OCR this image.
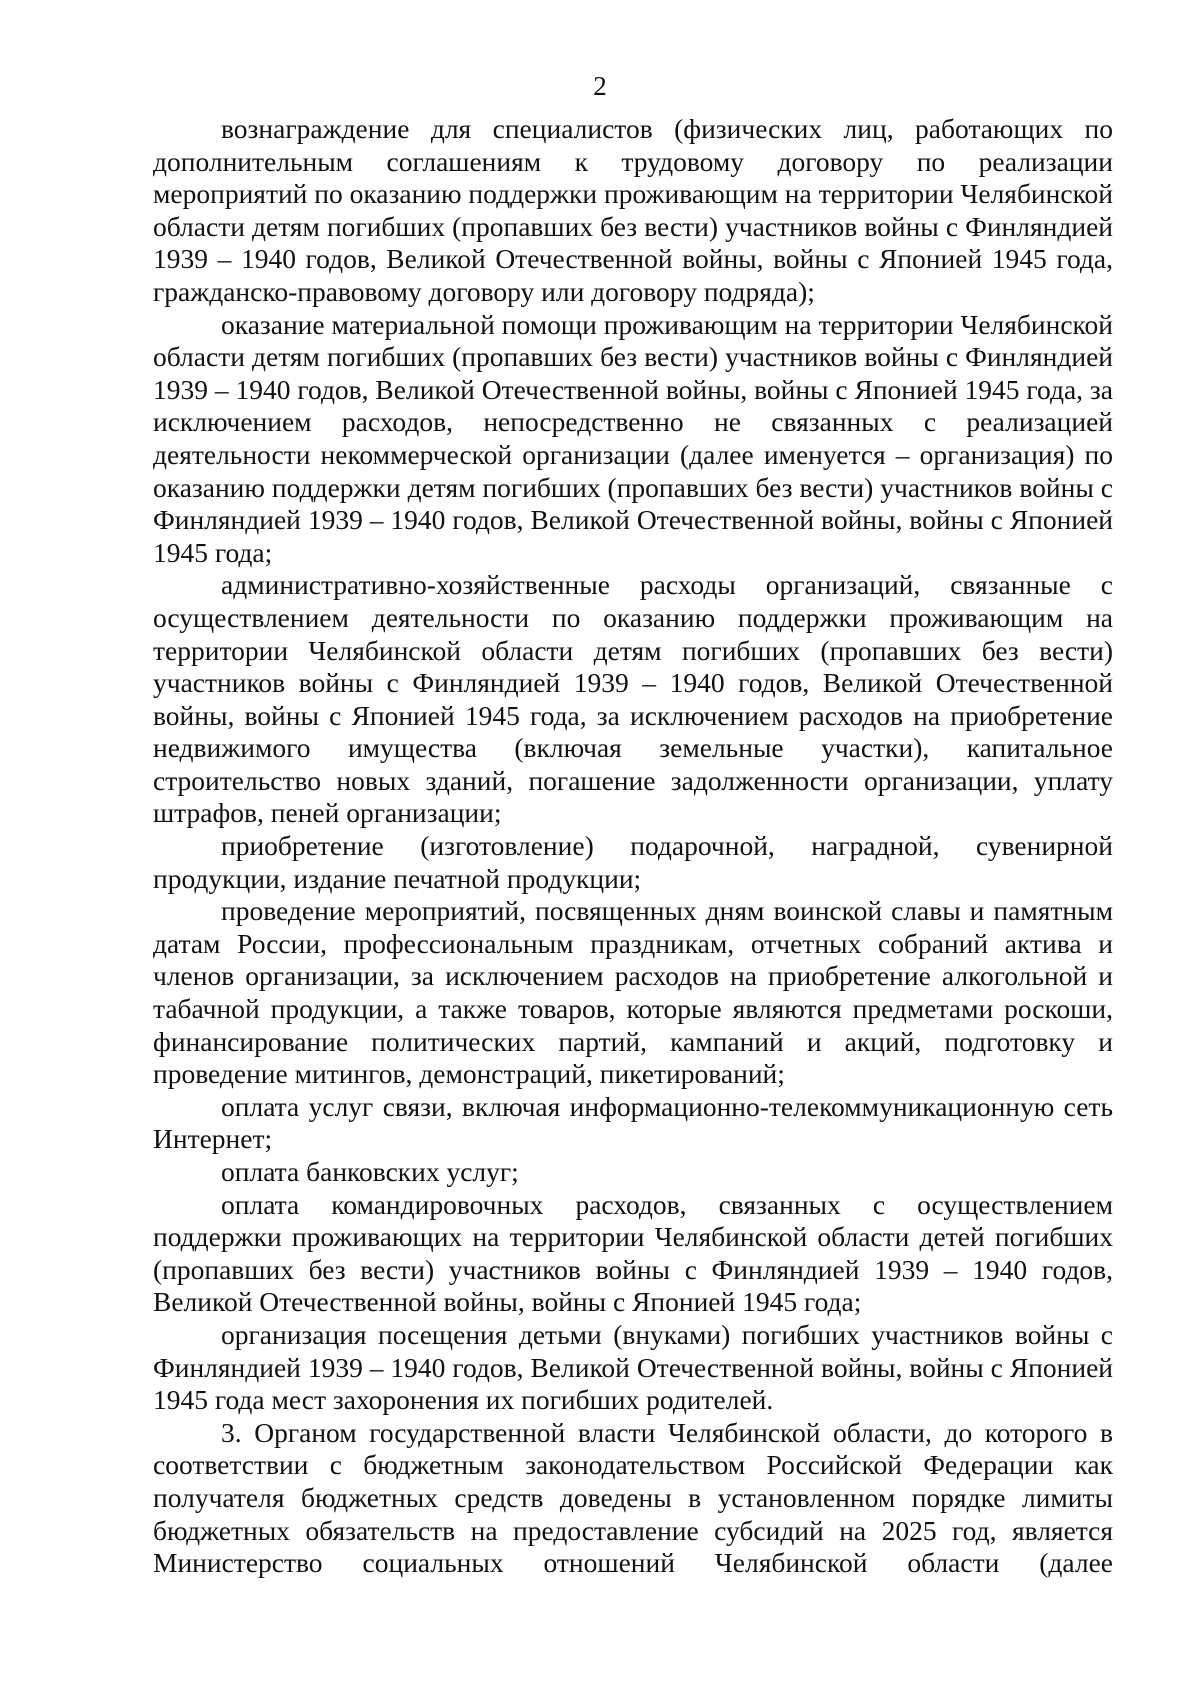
2

вознаграждение для специалистов (физических лиц, работающих по дополнительным соглашениям к трудовому договору по реализации мероприятий по оказанию поддержки проживающим на территории Челябинской области детям погибших (пропавших без вести) участников войны с Финляндией 1939 – 1940 годов, Великой Отечественной войны, войны с Японией 1945 года, гражданско-правовому договору или договору подряда);

оказание материальной помощи проживающим на территории Челябинской области детям погибших (пропавших без вести) участников войны с Финляндией 1939 – 1940 годов, Великой Отечественной войны, войны с Японией 1945 года, за исключением расходов, непосредственно не связанных с реализацией деятельности некоммерческой организации (далее именуется – организация) по оказанию поддержки детям погибших (пропавших без вести) участников войны с Финляндией 1939 – 1940 годов, Великой Отечественной войны, войны с Японией 1945 года;

административно-хозяйственные расходы организаций, связанные с осуществлением деятельности по оказанию поддержки проживающим на территории Челябинской области детям погибших (пропавших без вести) участников войны с Финляндией 1939 – 1940 годов, Великой Отечественной войны, войны с Японией 1945 года, за исключением расходов на приобретение недвижимого имущества (включая земельные участки), капитальное строительство новых зданий, погашение задолженности организации, уплату штрафов, пеней организации;

приобретение (изготовление) подарочной, наградной, сувенирной продукции, издание печатной продукции;

проведение мероприятий, посвященных дням воинской славы и памятным датам России, профессиональным праздникам, отчетных собраний актива и членов организации, за исключением расходов на приобретение алкогольной и табачной продукции, а также товаров, которые являются предметами роскоши, финансирование политических партий, кампаний и акций, подготовку и проведение митингов, демонстраций, пикетирований;

оплата услуг связи, включая информационно-телекоммуникационную сеть Интернет;

оплата банковских услуг;

оплата командировочных расходов, связанных с осуществлением поддержки проживающих на территории Челябинской области детей погибших (пропавших без вести) участников войны с Финляндией 1939 – 1940 годов, Великой Отечественной войны, войны с Японией 1945 года;

организация посещения детьми (внуками) погибших участников войны с Финляндией 1939 – 1940 годов, Великой Отечественной войны, войны с Японией 1945 года мест захоронения их погибших родителей.

3. Органом государственной власти Челябинской области, до которого в соответствии с бюджетным законодательством Российской Федерации как получателя бюджетных средств доведены в установленном порядке лимиты бюджетных обязательств на предоставление субсидий на 2025 год, является Министерство социальных отношений Челябинской области (далее
